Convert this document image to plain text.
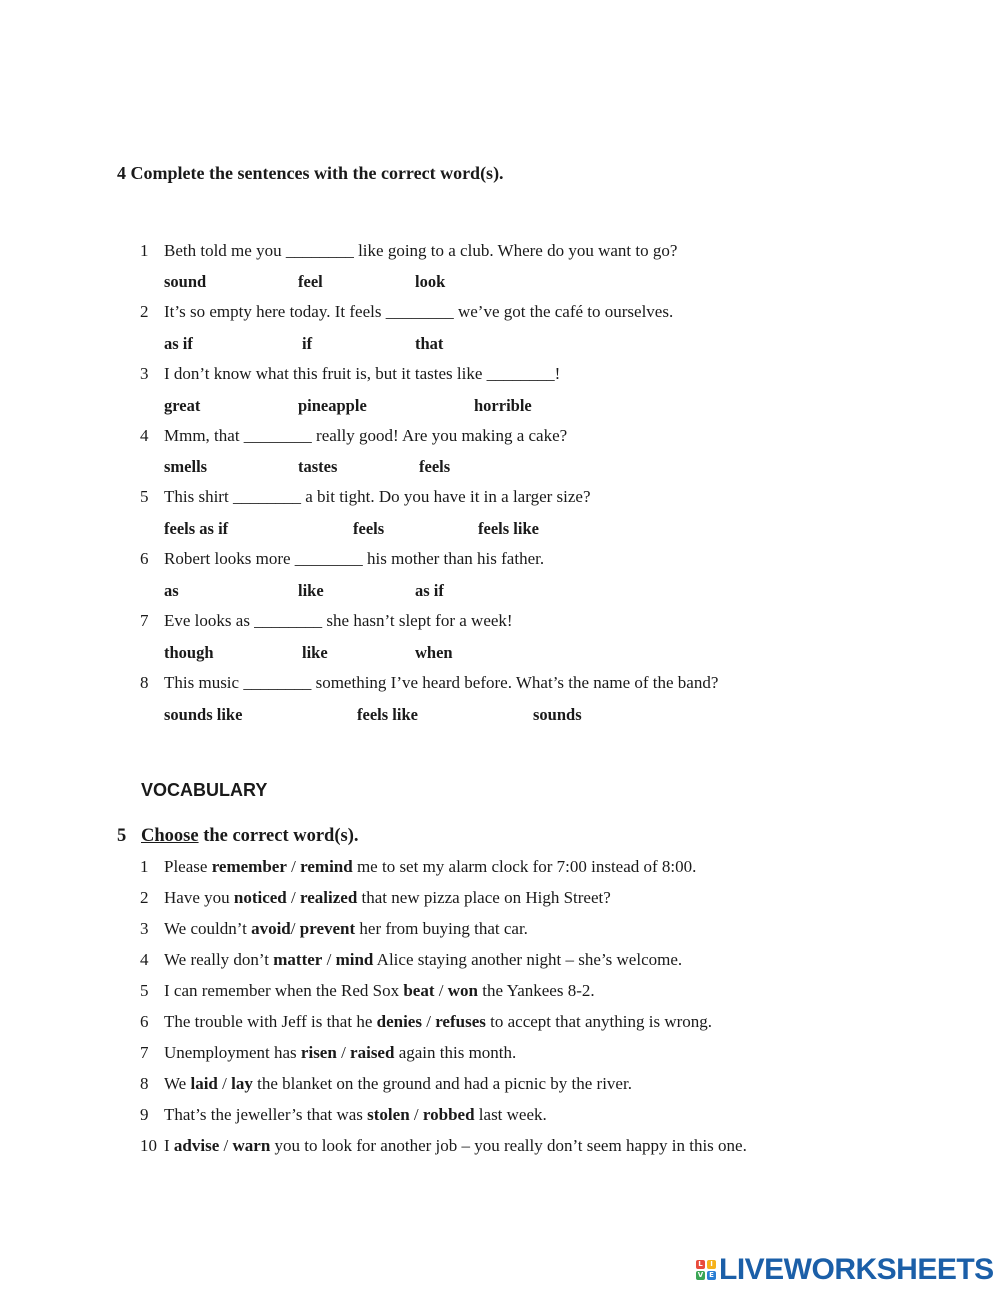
4 Complete the sentences with the correct word(s).
1 Beth told me you ________ like going to a club. Where do you want to go?
sound	feel	look
2 It’s so empty here today. It feels ________ we’ve got the café to ourselves.
as if	if	that
3 I don’t know what this fruit is, but it tastes like ________!
great	pineapple	horrible
4 Mmm, that ________ really good! Are you making a cake?
smells	tastes	feels
5 This shirt ________ a bit tight. Do you have it in a larger size?
feels as if	feels	feels like
6 Robert looks more ________ his mother than his father.
as	like	as if
7 Eve looks as ________ she hasn’t slept for a week!
though	like	when
8 This music ________ something I’ve heard before. What’s the name of the band?
sounds like	feels like	sounds
VOCABULARY
5 Choose the correct word(s).
1 Please remember / remind me to set my alarm clock for 7:00 instead of 8:00.
2 Have you noticed / realized that new pizza place on High Street?
3 We couldn’t avoid/ prevent her from buying that car.
4 We really don’t matter / mind Alice staying another night – she’s welcome.
5 I can remember when the Red Sox beat / won the Yankees 8-2.
6 The trouble with Jeff is that he denies / refuses to accept that anything is wrong.
7 Unemployment has risen / raised again this month.
8 We laid / lay the blanket on the ground and had a picnic by the river.
9 That’s the jeweller’s that was stolen / robbed last week.
10 I advise / warn you to look for another job – you really don’t seem happy in this one.
L	I
V E LIVEWORKSHEETS
